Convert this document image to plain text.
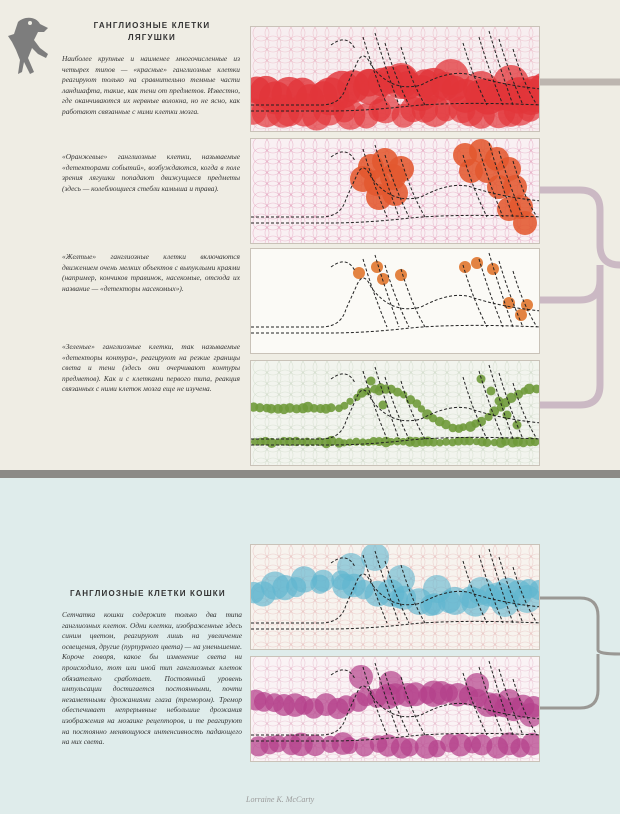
ГАНГЛИОЗНЫЕ КЛЕТКИ
ЛЯГУШКИ
Наиболее крупные и наименее многочисленные из четырех типов — «красные» ганглиозные клетки реагируют только на сравнительно темные части ландшафта, такие, как тени от предметов. Известно, где оканчиваются их нервные волокна, но не ясно, как работают связанные с ними клетки мозга.
«Оранжевые» ганглиозные клетки, называемые «детекторами событий», возбуждаются, когда в поле зрения лягушки попадают движущиеся предметы (здесь — колеблющиеся стебли камыша и трава).
«Желтые» ганглиозные клетки включаются движением очень мелких объектов с выпуклыми краями (например, кончиков травинок, насекомые, отсюда их название — «детекторы насекомых»).
«Зеленые» ганглиозные клетки, так называемые «детекторы контура», реагируют на резкие границы света и тени (здесь они очерчивают контуры предметов). Как и с клетками первого типа, реакция связанных с ними клеток мозга еще не изучена.
ГАНГЛИОЗНЫЕ КЛЕТКИ КОШКИ
Сетчатка кошки содержит только два типа ганглиозных клеток. Одни клетки, изображенные здесь синим цветом, реагируют лишь на увеличение освещения, другие (пурпурного цвета) — на уменьшение. Короче говоря, какое бы изменение света ни происходило, тот или иной тип ганглиозных клеток обязательно сработает. Постоянный уровень импульсации достигается постоянными, почти незаметными дрожаниями глаза (тремором). Тремор обеспечивает непрерывные небольшие дрожания изображения на мозаике рецепторов, и те реагируют на постоянно меняющуюся интенсивность падающего на них света.
Lorraine K. McCarty
